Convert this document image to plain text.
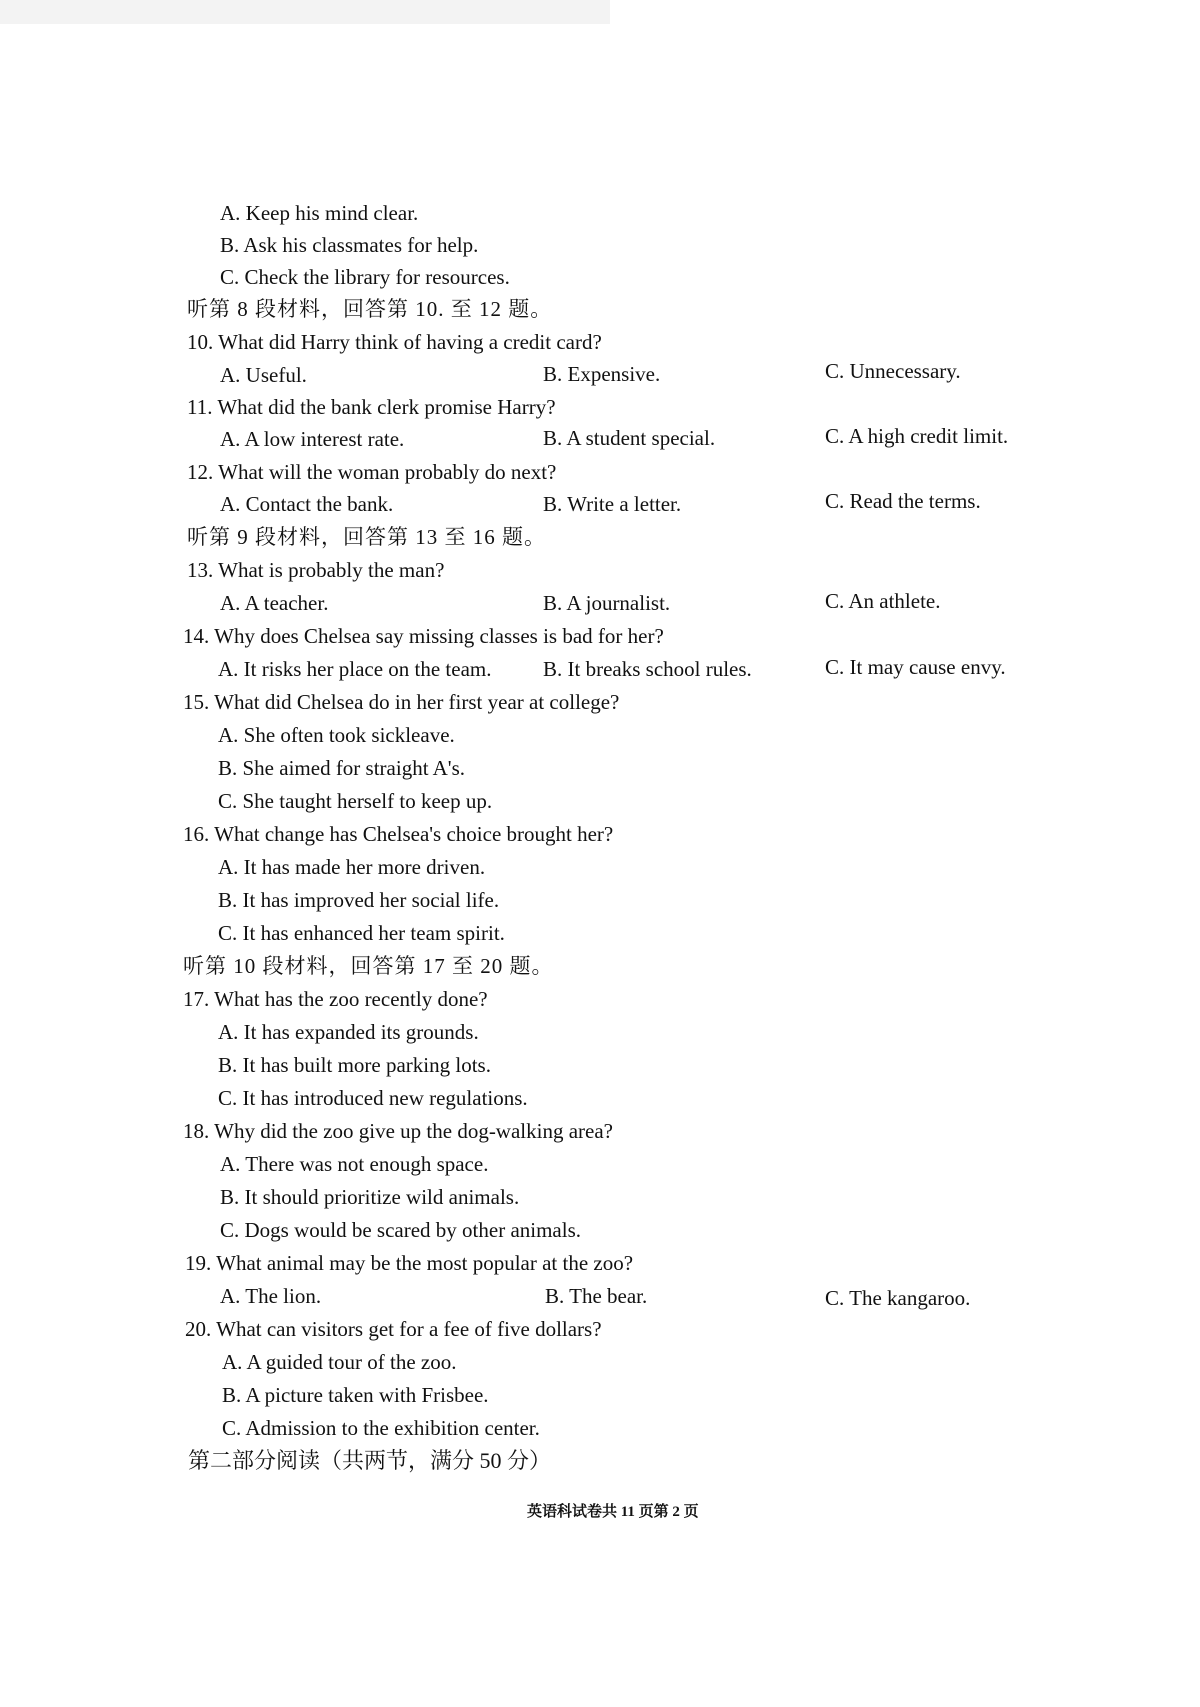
A. Keep his mind clear.
B. Ask his classmates for help.
C. Check the library for resources.
听第 8 段材料，回答第 10. 至 12 题。
10. What did Harry think of having a credit card?
A. Useful.	B. Expensive.	C. Unnecessary.
11. What did the bank clerk promise Harry?
A. A low interest rate.	B. A student special.	C. A high credit limit.
12. What will the woman probably do next?
A. Contact the bank.	B. Write a letter.	C. Read the terms.
听第 9 段材料，回答第 13 至 16 题。
13. What is probably the man?
A. A teacher.	B. A journalist.	C. An athlete.
14. Why does Chelsea say missing classes is bad for her?
A. It risks her place on the team. B. It breaks school rules.	C. It may cause envy.
15. What did Chelsea do in her first year at college?
A. She often took sickleave.
B. She aimed for straight A's.
C. She taught herself to keep up.
16. What change has Chelsea's choice brought her?
A. It has made her more driven.
B. It has improved her social life.
C. It has enhanced her team spirit.
听第 10 段材料，回答第 17 至 20 题。
17. What has the zoo recently done?
A. It has expanded its grounds.
B. It has built more parking lots.
C. It has introduced new regulations.
18. Why did the zoo give up the dog-walking area?
A. There was not enough space.
B. It should prioritize wild animals.
C. Dogs would be scared by other animals.
19. What animal may be the most popular at the zoo?
A. The lion.	B. The bear.	C. The kangaroo.
20. What can visitors get for a fee of five dollars?
A. A guided tour of the zoo.
B. A picture taken with Frisbee.
C. Admission to the exhibition center.
第二部分阅读（共两节，满分 50 分）
英语科试卷共 11 页第 2 页
